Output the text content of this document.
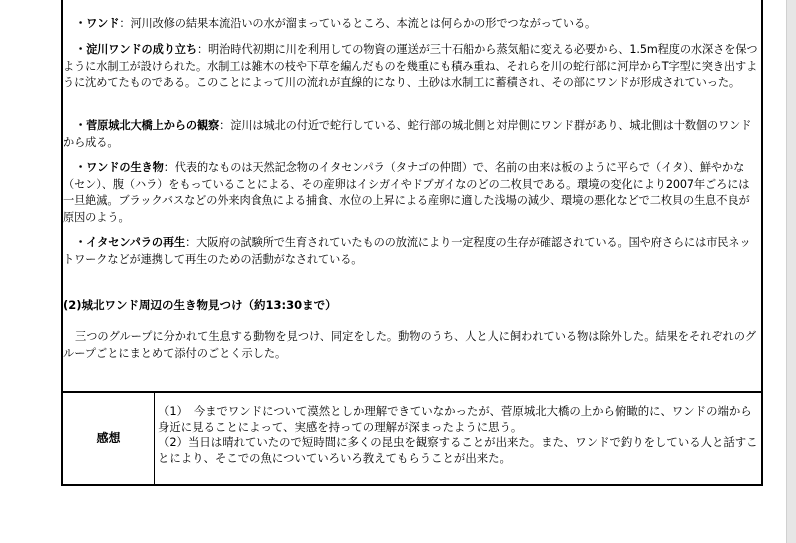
・ワンド：河川改修の結果本流沿いの水が溜まっているところ、本流とは何らかの形でつながっている。

・淀川ワンドの成り立ち：明治時代初期に川を利用しての物資の運送が三十石船から蒸気船に変える必要から、1.5m程度の水深さを保つように水制工が設けられた。水制工は雑木の枝や下草を編んだものを幾重にも積み重ね、それらを川の蛇行部に河岸からT字型に突き出すように沈めてたものである。このことによって川の流れが直線的になり、土砂は水制工に蓄積され、その部にワンドが形成されていった。

・菅原城北大橋上からの観察：淀川は城北の付近で蛇行している、蛇行部の城北側と対岸側にワンド群があり、城北側は十数個のワンドから成る。

・ワンドの生き物：代表的なものは天然記念物のイタセンパラ（タナゴの仲間）で、名前の由来は板のように平らで（イタ）、鮮やかな（セン）、腹（ハラ）をもっていることによる、その産卵はイシガイやドブガイなのどの二枚貝である。環境の変化により2007年ごろには一旦絶滅。ブラックバスなどの外来肉食魚による捕食、水位の上昇による産卵に適した浅場の減少、環境の悪化などで二枚貝の生息不良が原因のよう。

・イタセンパラの再生：大阪府の試験所で生育されていたものの放流により一定程度の生存が確認されている。国や府さらには市民ネットワークなどが連携して再生のための活動がなされている。

(2)城北ワンド周辺の生き物見つけ（約13:30まで）

三つのグループに分かれて生息する動物を見つけ、同定をした。動物のうち、人と人に飼われている物は除外した。結果をそれぞれのグループごとにまとめて添付のごとく示した。

感想

（1）　今までワンドについて漠然としか理解できていなかったが、菅原城北大橋の上から俯瞰的に、ワンドの端から身近に見ることによって、実感を持っての理解が深まったように思う。
（2）当日は晴れていたので短時間に多くの昆虫を観察することが出来た。また、ワンドで釣りをしている人と話すことにより、そこでの魚についていろいろ教えてもらうことが出来た。
